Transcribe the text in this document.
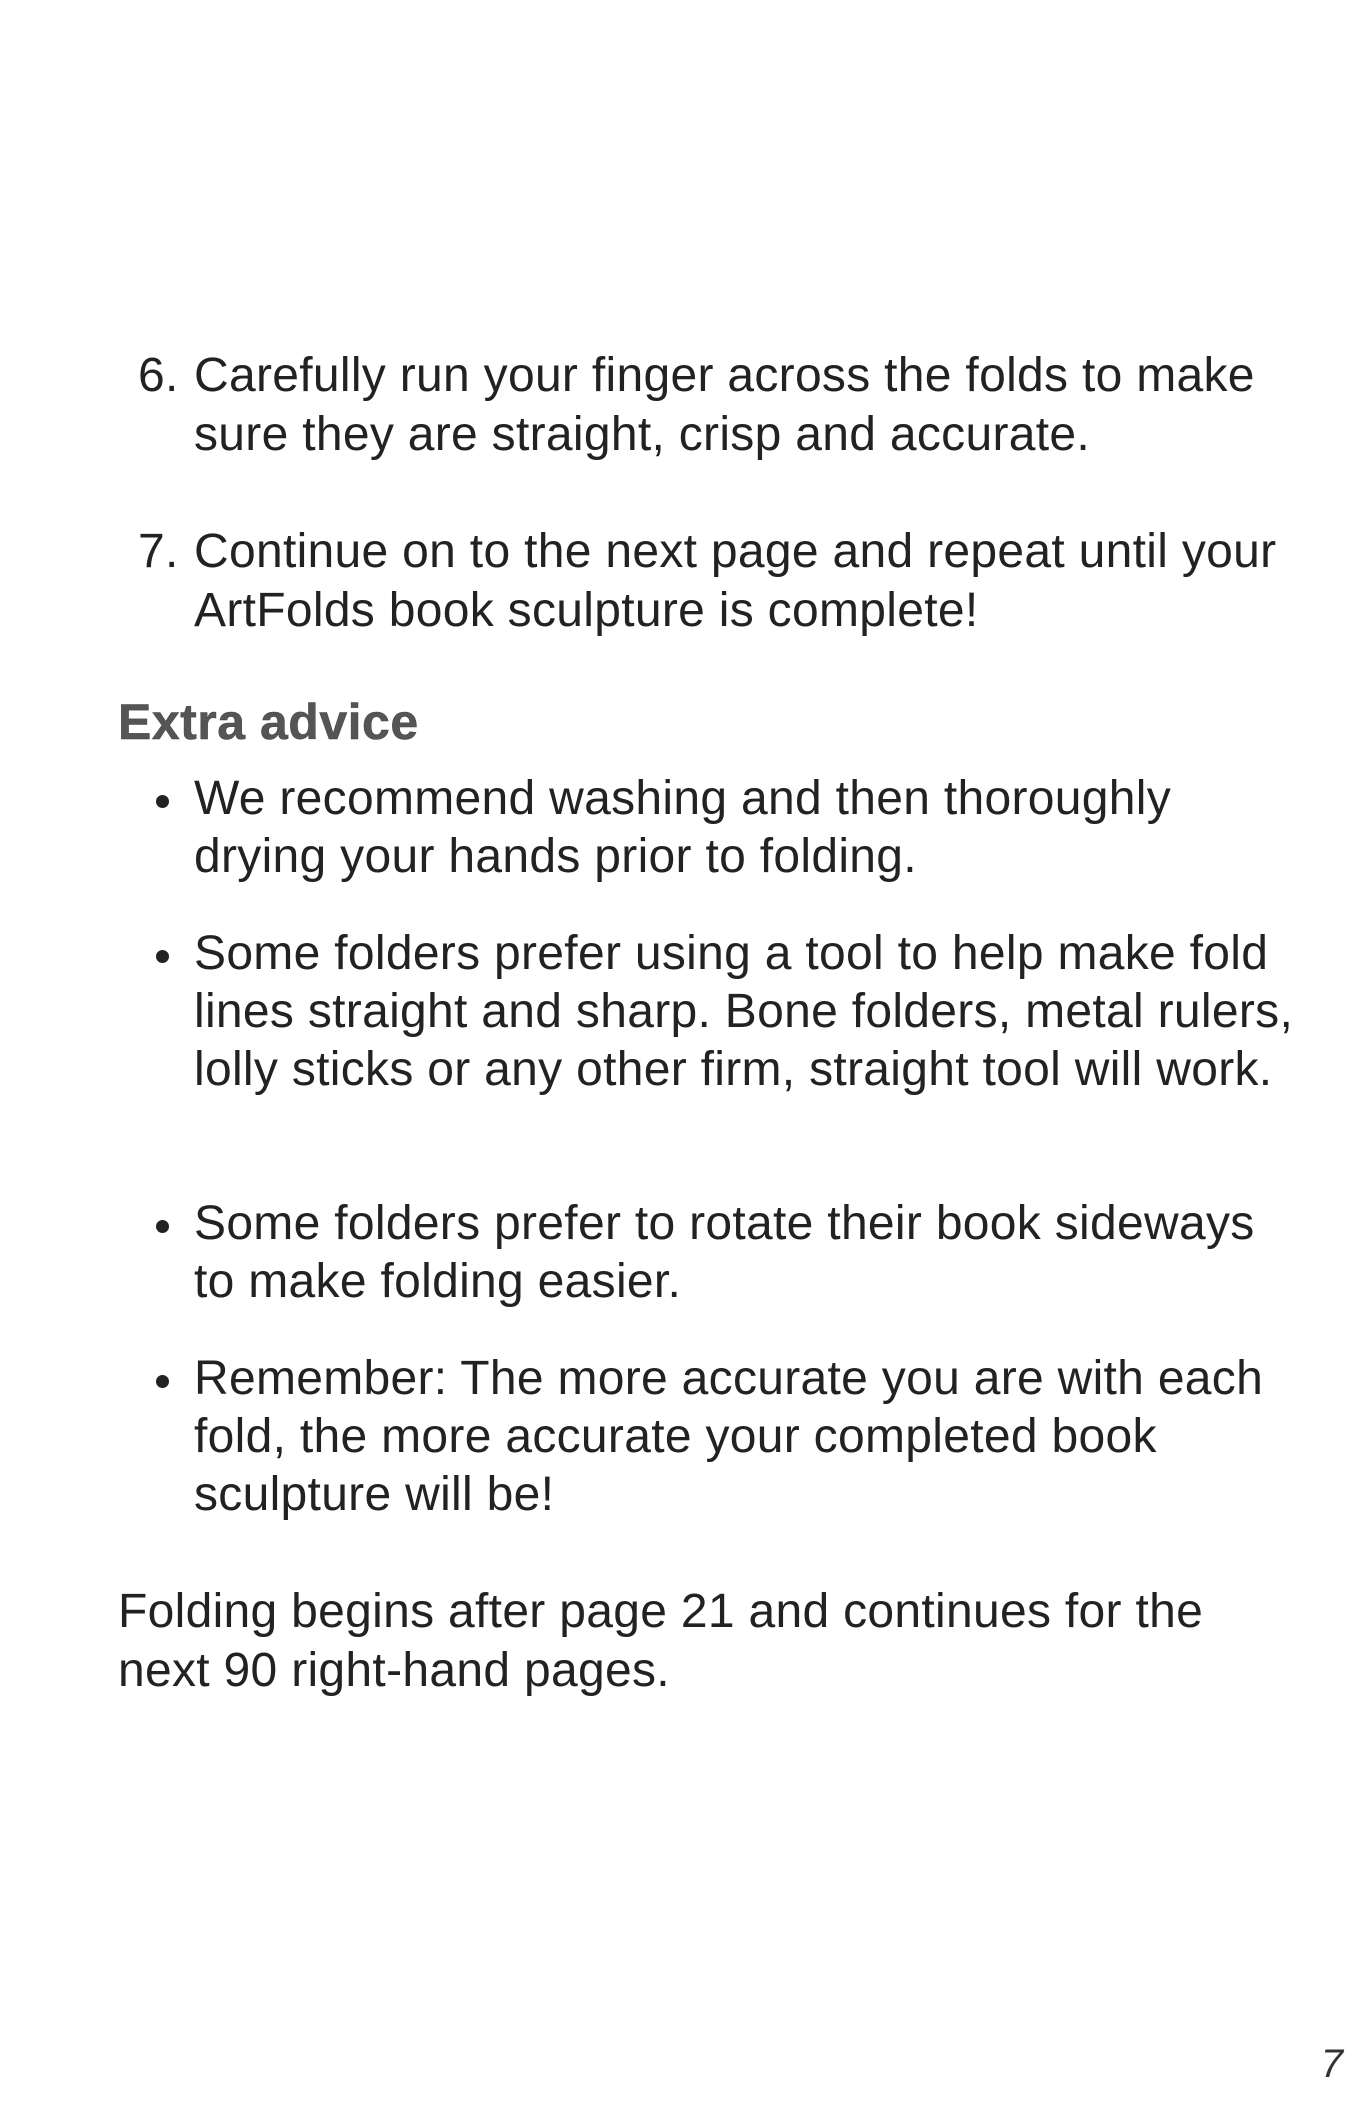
6. Carefully run your finger across the folds to make sure they are straight, crisp and accurate.
7. Continue on to the next page and repeat until your ArtFolds book sculpture is complete!
Extra advice
We recommend washing and then thoroughly drying your hands prior to folding.
Some folders prefer using a tool to help make fold lines straight and sharp. Bone folders, metal rulers, lolly sticks or any other firm, straight tool will work.
Some folders prefer to rotate their book sideways to make folding easier.
Remember: The more accurate you are with each fold, the more accurate your completed book sculpture will be!
Folding begins after page 21 and continues for the next 90 right-hand pages.
7
